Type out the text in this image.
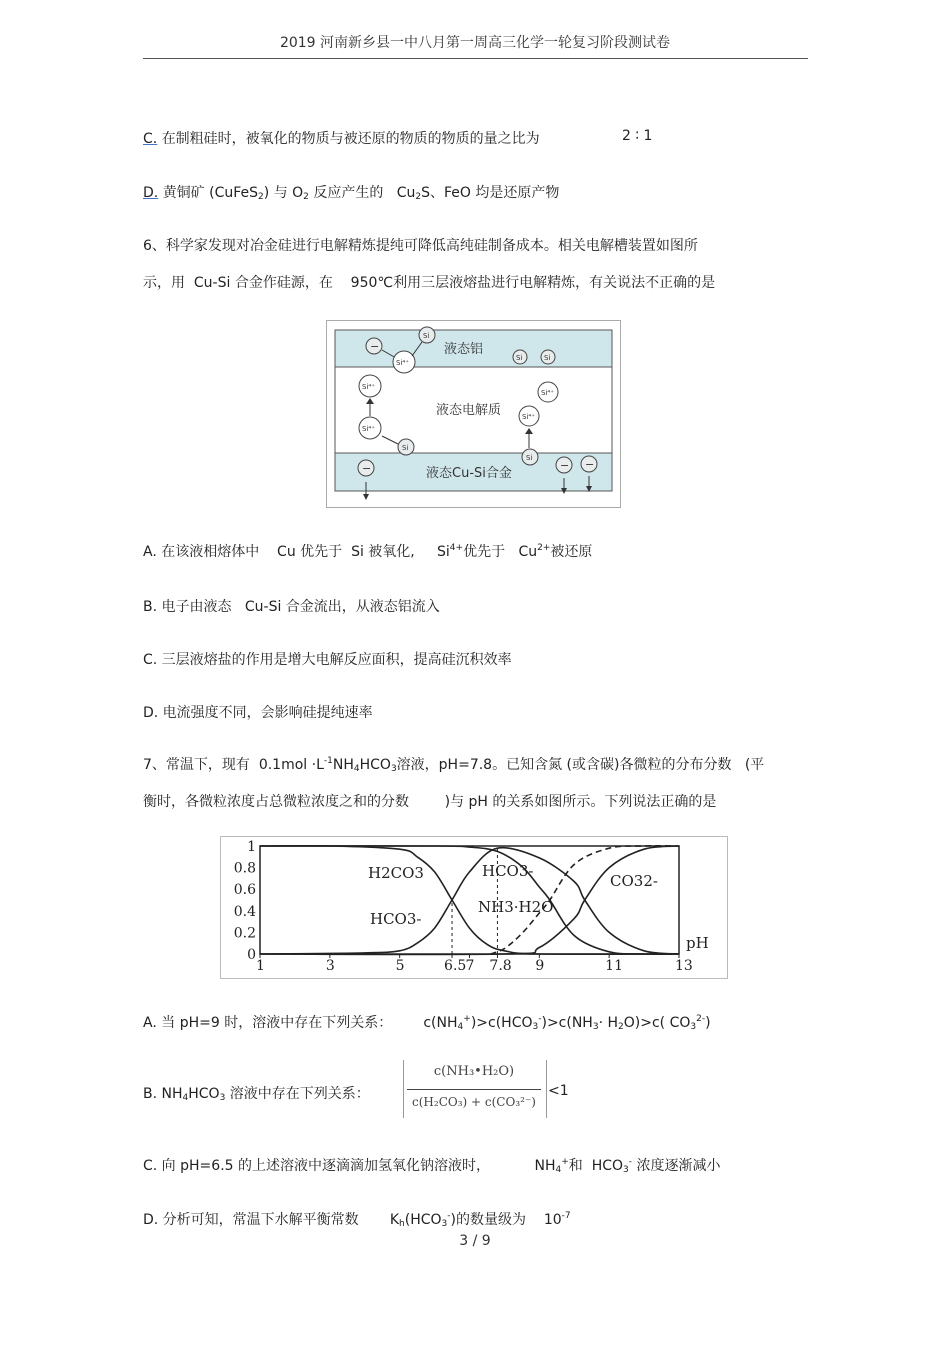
2019 河南新乡县一中八月第一周高三化学一轮复习阶段测试卷
C. 在制粗硅时，被氧化的物质与被还原的物质的物质的量之比为	2 ∶ 1
D. 黄铜矿 (CuFeS$_2$) 与 $O_2$ 反应产生的 $Cu_2S$、FeO 均是还原产物
6、科学家发现对冶金硅进行电解精炼提纯可降低高纯硅制备成本。相关电解槽装置如图所
示，用 Cu-Si 合金作硅源，在 950℃利用三层液熔盐进行电解精炼，有关说法不正确的是
液态铝
液态电解质
液态Cu-Si合金
−
Si⁴⁺
Si
Si	Si
Si⁴⁺
Si⁴⁺
Si⁴⁺
Si⁴⁺
Si
Si
−	− −
A. 在该液相熔体中 Cu 优先于 Si 被氧化, $Si^{4+}$优先于 $Cu^{2+}$被还原
B. 电子由液态 Cu-Si 合金流出，从液态铝流入
C. 三层液熔盐的作用是增大电解反应面积，提高硅沉积效率
D. 电流强度不同，会影响硅提纯速率
7、常温下，现有 $0.1mol \cdot L^{-1}NH_4HCO_3$溶液，pH=7.8。已知含氮 (或含碳)各微粒的分布分数 (平
衡时，各微粒浓度占总微粒浓度之和的分数	)与 pH 的关系如图所示。下列说法正确的是
1	3	5	6.5 7 7.8 9	11	13
0
0.2
0.4
0.6
0.8
1
pH
H2CO3	HCO3-
HCO3-
NH3·H2O
CO32-
A. 当 pH=9 时，溶液中存在下列关系： $c(NH_4^+)>c(HCO_3^-)>c(NH_3\cdot H_2O)>c$( $CO_3^{2-}$)
B. $NH_4HCO_3$ 溶液中存在下列关系：
c(NH₃•H₂O)
c(H₂CO₃) + c(CO₃²⁻)
<1
C. 向 pH=6.5 的上述溶液中逐滴滴加氢氧化钠溶液时，	$NH_4^+$和 $HCO_3^-$ 浓度逐渐减小
D. 分析可知，常温下水解平衡常数 $K_h(HCO_3^-)$的数量级为 $10^{-7}$
3 / 9
